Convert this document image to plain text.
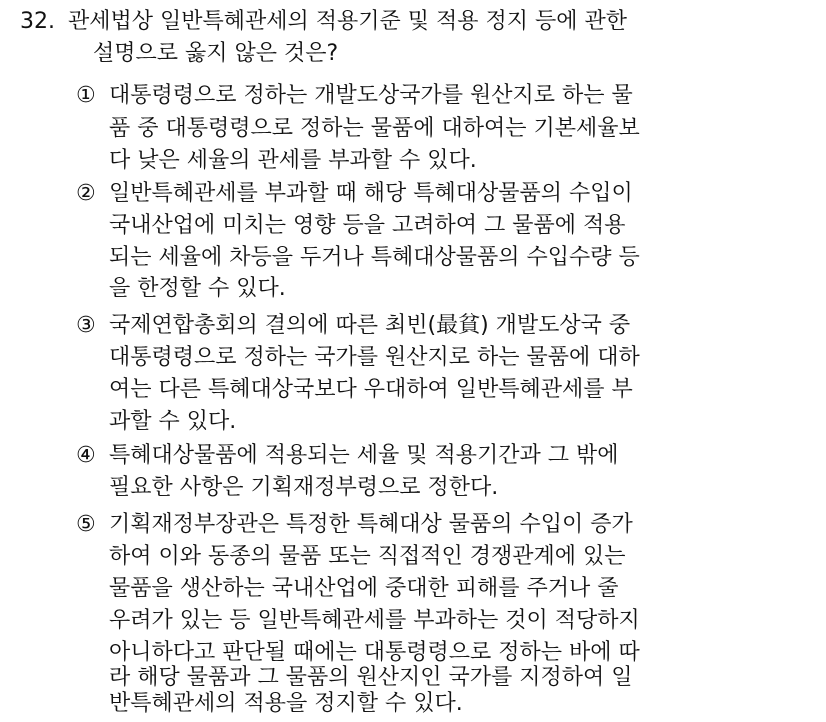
32. 관세법상 일반특혜관세의 적용기준 및 적용 정지 등에 관한
설명으로 옳지 않은 것은?
① 대통령령으로 정하는 개발도상국가를 원산지로 하는 물
품 중 대통령령으로 정하는 물품에 대하여는 기본세율보
다 낮은 세율의 관세를 부과할 수 있다.
② 일반특혜관세를 부과할 때 해당 특혜대상물품의 수입이
국내산업에 미치는 영향 등을 고려하여 그 물품에 적용
되는 세율에 차등을 두거나 특혜대상물품의 수입수량 등
을 한정할 수 있다.
③ 국제연합총회의 결의에 따른 최빈(最貧) 개발도상국 중
대통령령으로 정하는 국가를 원산지로 하는 물품에 대하
여는 다른 특혜대상국보다 우대하여 일반특혜관세를 부
과할 수 있다.
④ 특혜대상물품에 적용되는 세율 및 적용기간과 그 밖에
필요한 사항은 기획재정부령으로 정한다.
⑤ 기획재정부장관은 특정한 특혜대상 물품의 수입이 증가
하여 이와 동종의 물품 또는 직접적인 경쟁관계에 있는
물품을 생산하는 국내산업에 중대한 피해를 주거나 줄
우려가 있는 등 일반특혜관세를 부과하는 것이 적당하지
아니하다고 판단될 때에는 대통령령으로 정하는 바에 따
라 해당 물품과 그 물품의 원산지인 국가를 지정하여 일
반특혜관세의 적용을 정지할 수 있다.
